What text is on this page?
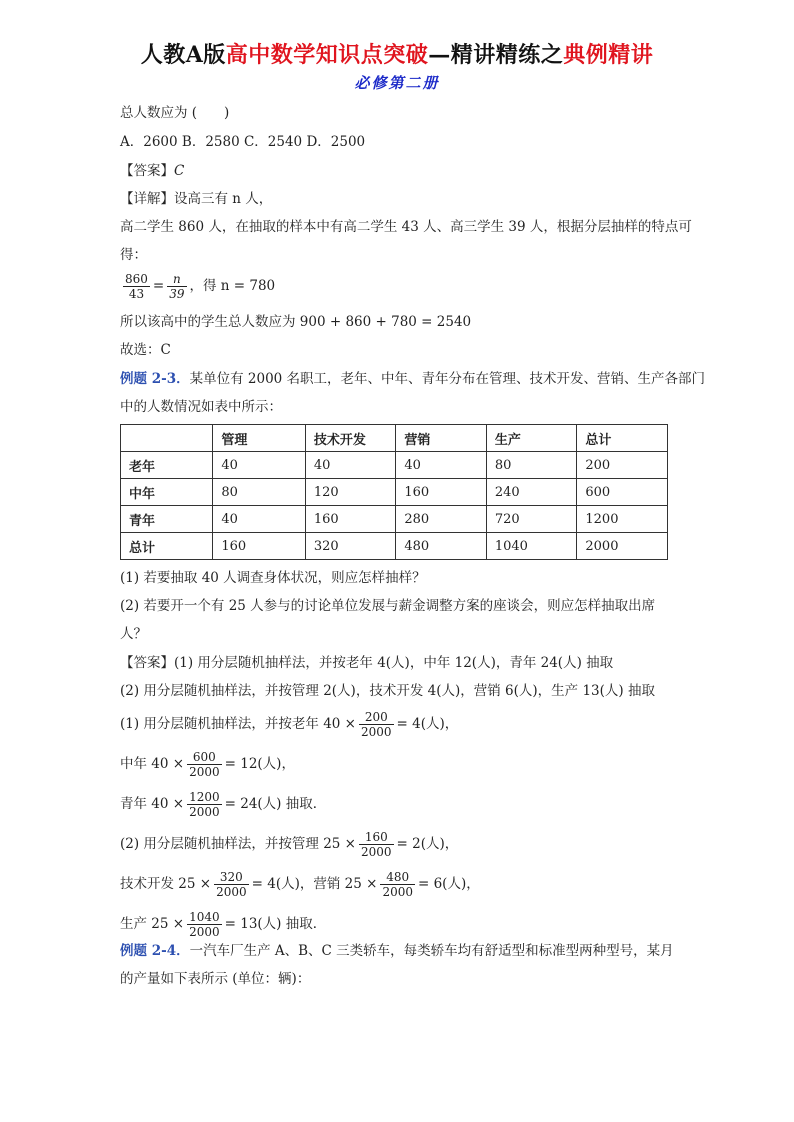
人教A版高中数学知识点突破—精讲精练之典例精讲
必修第二册
总人数应为 (　　)
A．2600 B．2580 C．2540 D．2500
【答案】C
【详解】设高三有 n 人，
高二学生 860 人，在抽取的样本中有高二学生 43 人、高三学生 39 人，根据分层抽样的特点可
得：
$\frac{860}{43} = \frac{n}{39}$ ，得 n = 780
所以该高中的学生总人数应为 900 + 860 + 780 = 2540
故选：C
例题 2-3．某单位有 2000 名职工，老年、中年、青年分布在管理、技术开发、营销、生产各部门
中的人数情况如表中所示：
	管理	技术开发	营销	生产	总计
老年	40	40	40	80	200
中年	80	120	160	240	600
青年	40	160	280	720	1200
总计	160	320	480	1040	2000
(1) 若要抽取 40 人调查身体状况，则应怎样抽样？
(2) 若要开一个有 25 人参与的讨论单位发展与薪金调整方案的座谈会，则应怎样抽取出席
人？
【答案】(1) 用分层随机抽样法，并按老年 4(人)，中年 12(人)，青年 24(人) 抽取
(2) 用分层随机抽样法，并按管理 2(人)，技术开发 4(人)，营销 6(人)，生产 13(人) 抽取
(1) 用分层随机抽样法，并按老年 $40 \times \frac{200}{2000} = 4$(人)，
中年 $40 \times \frac{600}{2000} = 12$(人)，
青年 $40 \times \frac{1200}{2000} = 24$(人) 抽取．
(2) 用分层随机抽样法，并按管理 $25 \times \frac{160}{2000} = 2$(人)，
技术开发 $25 \times \frac{320}{2000} = 4$(人)，营销 $25 \times \frac{480}{2000} = 6$(人)，
生产 $25 \times \frac{1040}{2000} = 13$(人) 抽取．
例题 2-4．一汽车厂生产 A、B、C 三类轿车，每类轿车均有舒适型和标准型两种型号，某月
的产量如下表所示 (单位：辆)：
